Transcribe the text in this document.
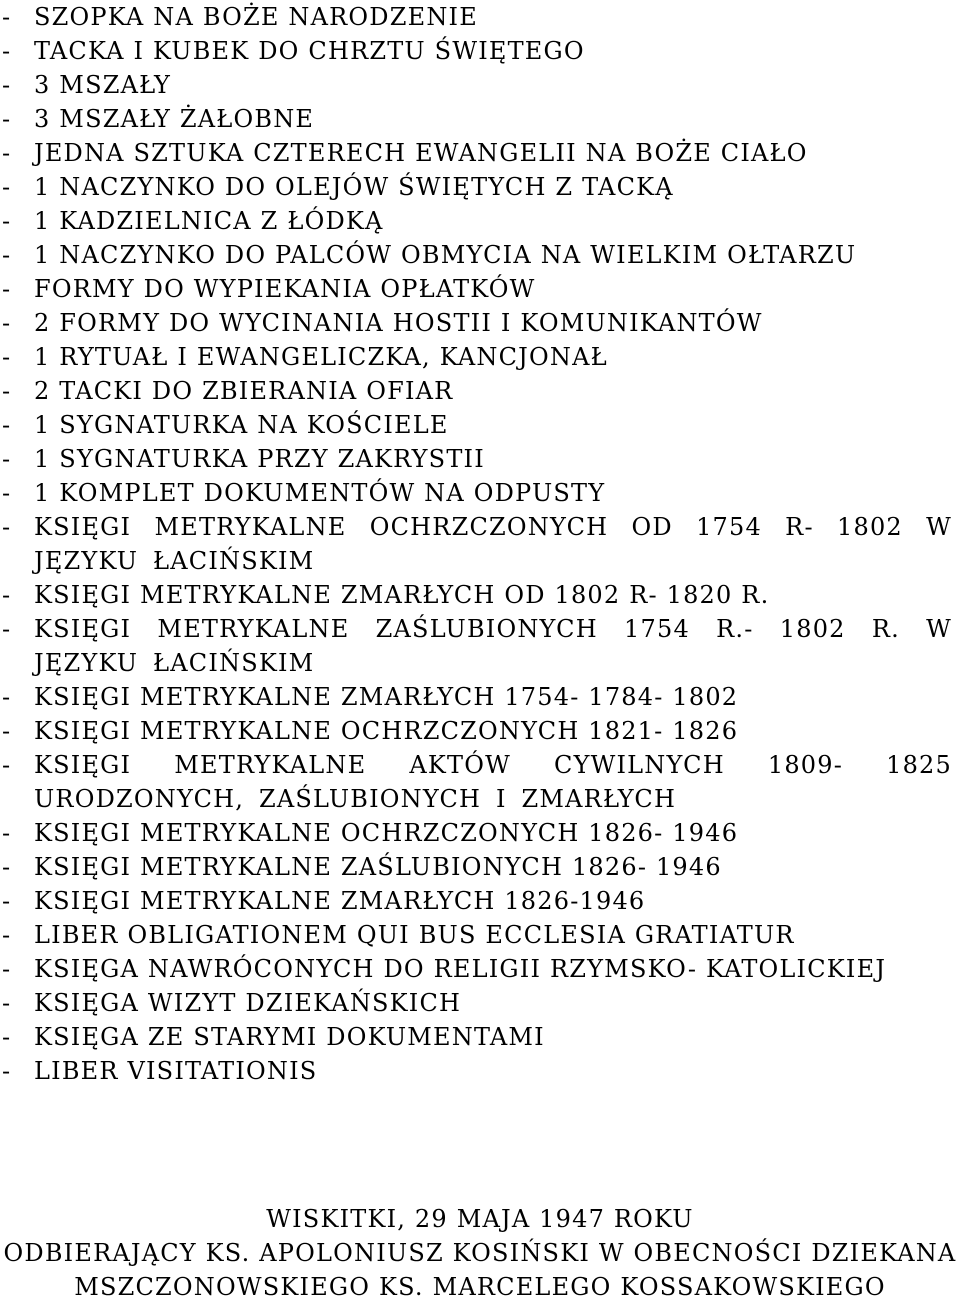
- SZOPKA NA BOŻE NARODZENIE
- TACKA I KUBEK DO CHRZTU ŚWIĘTEGO
- 3 MSZAŁY
- 3 MSZAŁY ŻAŁOBNE
- JEDNA SZTUKA CZTERECH EWANGELII NA BOŻE CIAŁO
- 1 NACZYNKO DO OLEJÓW ŚWIĘTYCH Z TACKĄ
- 1 KADZIELNICA Z ŁÓDKĄ
- 1 NACZYNKO DO PALCÓW OBMYCIA NA WIELKIM OŁTARZU
- FORMY DO WYPIEKANIA OPŁATKÓW
- 2 FORMY DO WYCINANIA HOSTII I KOMUNIKANTÓW
- 1 RYTUAŁ I EWANGELICZKA, KANCJONAŁ
- 2 TACKI DO ZBIERANIA OFIAR
- 1 SYGNATURKA NA KOŚCIELE
- 1 SYGNATURKA PRZY ZAKRYSTII
- 1 KOMPLET DOKUMENTÓW NA ODPUSTY
- KSIĘGI METRYKALNE OCHRZCZONYCH OD 1754 R- 1802 W JĘZYKU ŁACIŃSKIM
- KSIĘGI METRYKALNE ZMARŁYCH OD 1802 R- 1820 R.
- KSIĘGI METRYKALNE ZAŚLUBIONYCH 1754 R.- 1802 R. W JĘZYKU ŁACIŃSKIM
- KSIĘGI METRYKALNE ZMARŁYCH 1754- 1784- 1802
- KSIĘGI METRYKALNE OCHRZCZONYCH 1821- 1826
- KSIĘGI METRYKALNE AKTÓW CYWILNYCH 1809- 1825 URODZONYCH, ZAŚLUBIONYCH I ZMARŁYCH
- KSIĘGI METRYKALNE OCHRZCZONYCH 1826- 1946
- KSIĘGI METRYKALNE ZAŚLUBIONYCH 1826- 1946
- KSIĘGI METRYKALNE ZMARŁYCH 1826-1946
- LIBER OBLIGATIONEM QUI BUS ECCLESIA GRATIATUR
- KSIĘGA NAWRÓCONYCH DO RELIGII RZYMSKO- KATOLICKIEJ
- KSIĘGA WIZYT DZIEKAŃSKICH
- KSIĘGA ZE STARYMI DOKUMENTAMI
- LIBER VISITATIONIS
WISKITKI, 29 MAJA 1947 ROKU
ODBIERAJĄCY KS. APOLONIUSZ KOSIŃSKI W OBECNOŚCI DZIEKANA
MSZCZONOWSKIEGO KS. MARCELEGO KOSSAKOWSKIEGO
